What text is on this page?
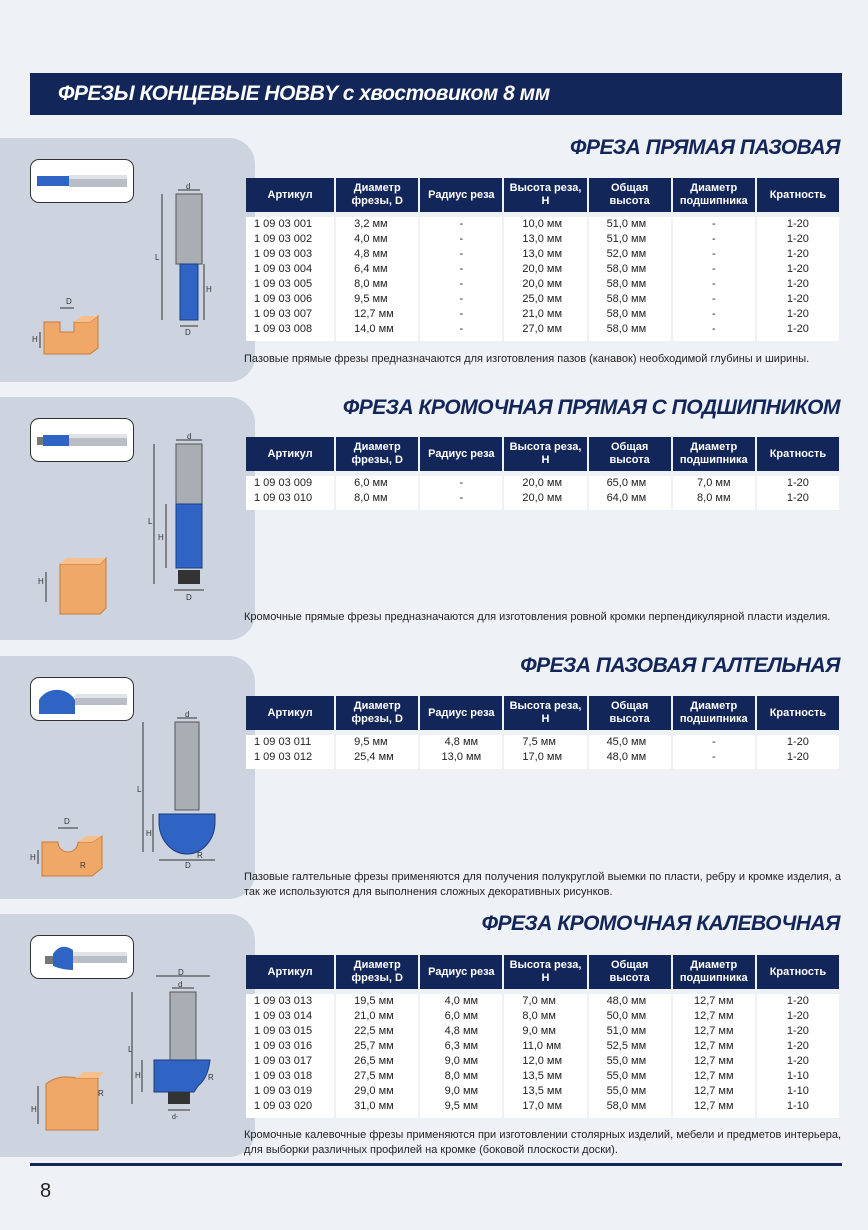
ФРЕЗЫ КОНЦЕВЫЕ HOBBY с хвостовиком 8 мм
d
L
H
D
D
H
ФРЕЗА ПРЯМАЯ ПАЗОВАЯ
Артикул	Диаметр фрезы, D	Радиус реза	Высота реза, H	Общая высота	Диаметр подшипника	Кратность

1 09 03 001	3,2 мм	-	10,0 мм	51,0 мм	-	1-20
1 09 03 002	4,0 мм	-	13,0 мм	51,0 мм	-	1-20
1 09 03 003	4,8 мм	-	13,0 мм	52,0 мм	-	1-20
1 09 03 004	6,4 мм	-	20,0 мм	58,0 мм	-	1-20
1 09 03 005	8,0 мм	-	20,0 мм	58,0 мм	-	1-20
1 09 03 006	9,5 мм	-	25,0 мм	58,0 мм	-	1-20
1 09 03 007	12,7 мм	-	21,0 мм	58,0 мм	-	1-20
1 09 03 008	14,0 мм	-	27,0 мм	58,0 мм	-	1-20
Пазовые прямые фрезы предназначаются для изготовления пазов (канавок) необходимой глубины и ширины.
d
L
H
D
H
ФРЕЗА КРОМОЧНАЯ ПРЯМАЯ С ПОДШИПНИКОМ
Артикул	Диаметр фрезы, D	Радиус реза	Высота реза, H	Общая высота	Диаметр подшипника	Кратность

1 09 03 009	6,0 мм	-	20,0 мм	65,0 мм	7,0 мм	1-20
1 09 03 010	8,0 мм	-	20,0 мм	64,0 мм	8,0 мм	1-20
Кромочные прямые фрезы предназначаются для изготовления ровной кромки перпендикулярной пласти изделия.
d
L
H
D
R
D
H
R
ФРЕЗА ПАЗОВАЯ ГАЛТЕЛЬНАЯ
Артикул	Диаметр фрезы, D	Радиус реза	Высота реза, H	Общая высота	Диаметр подшипника	Кратность

1 09 03 011	9,5 мм	4,8 мм	7,5 мм	45,0 мм	-	1-20
1 09 03 012	25,4 мм	13,0 мм	17,0 мм	48,0 мм	-	1-20
Пазовые галтельные фрезы применяются для получения полукруглой выемки по пласти, ребру и кромке изделия, а так же используются для выполнения сложных декоративных рисунков.
D
d
L
H	R
d-
H
R
ФРЕЗА КРОМОЧНАЯ КАЛЕВОЧНАЯ
Артикул	Диаметр фрезы, D	Радиус реза	Высота реза, H	Общая высота	Диаметр подшипника	Кратность

1 09 03 013	19,5 мм	4,0 мм	7,0 мм	48,0 мм	12,7 мм	1-20
1 09 03 014	21,0 мм	6,0 мм	8,0 мм	50,0 мм	12,7 мм	1-20
1 09 03 015	22,5 мм	4,8 мм	9,0 мм	51,0 мм	12,7 мм	1-20
1 09 03 016	25,7 мм	6,3 мм	11,0 мм	52,5 мм	12,7 мм	1-20
1 09 03 017	26,5 мм	9,0 мм	12,0 мм	55,0 мм	12,7 мм	1-20
1 09 03 018	27,5 мм	8,0 мм	13,5 мм	55,0 мм	12,7 мм	1-10
1 09 03 019	29,0 мм	9,0 мм	13,5 мм	55,0 мм	12,7 мм	1-10
1 09 03 020	31,0 мм	9,5 мм	17,0 мм	58,0 мм	12,7 мм	1-10
Кромочные калевочные фрезы применяются при изготовлении столярных изделий, мебели и предметов интерьера, для выборки различных профилей на кромке (боковой плоскости доски).
8
